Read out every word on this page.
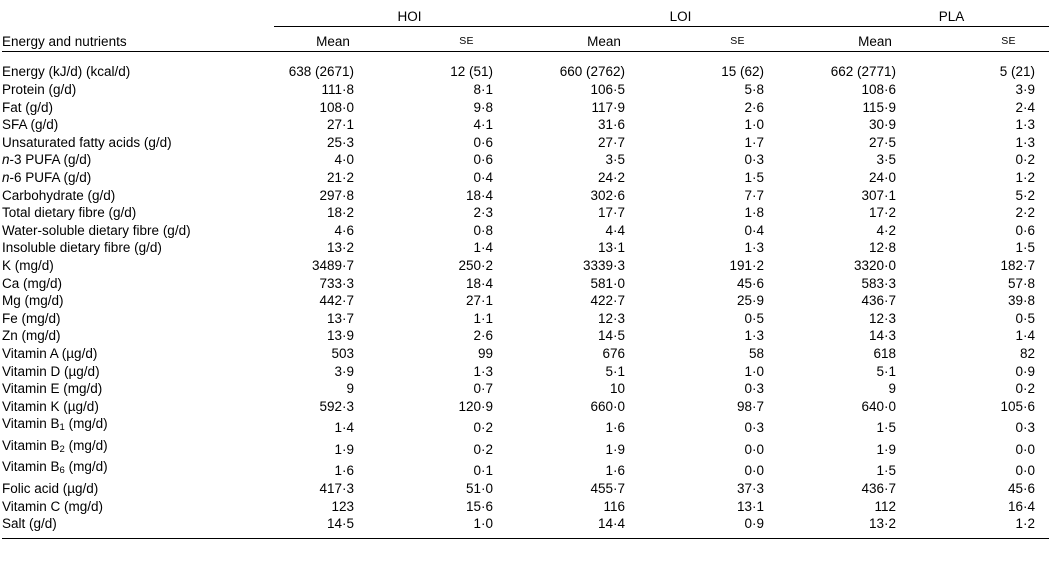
	HOI		LOI		PLA	
Energy and nutrients	Mean	SE	Mean	SE	Mean	SE
Energy (kJ/d) (kcal/d)	638 (2671)	12 (51)	660 (2762)	15 (62)	662 (2771)	5 (21)
Protein (g/d)	111·8	8·1	106·5	5·8	108·6	3·9
Fat (g/d)	108·0	9·8	117·9	2·6	115·9	2·4
SFA (g/d)	27·1	4·1	31·6	1·0	30·9	1·3
Unsaturated fatty acids (g/d)	25·3	0·6	27·7	1·7	27·5	1·3
n-3 PUFA (g/d)	4·0	0·6	3·5	0·3	3·5	0·2
n-6 PUFA (g/d)	21·2	0·4	24·2	1·5	24·0	1·2
Carbohydrate (g/d)	297·8	18·4	302·6	7·7	307·1	5·2
Total dietary fibre (g/d)	18·2	2·3	17·7	1·8	17·2	2·2
Water-soluble dietary fibre (g/d)	4·6	0·8	4·4	0·4	4·2	0·6
Insoluble dietary fibre (g/d)	13·2	1·4	13·1	1·3	12·8	1·5
K (mg/d)	3489·7	250·2	3339·3	191·2	3320·0	182·7
Ca (mg/d)	733·3	18·4	581·0	45·6	583·3	57·8
Mg (mg/d)	442·7	27·1	422·7	25·9	436·7	39·8
Fe (mg/d)	13·7	1·1	12·3	0·5	12·3	0·5
Zn (mg/d)	13·9	2·6	14·5	1·3	14·3	1·4
Vitamin A (µg/d)	503	99	676	58	618	82
Vitamin D (µg/d)	3·9	1·3	5·1	1·0	5·1	0·9
Vitamin E (mg/d)	9	0·7	10	0·3	9	0·2
Vitamin K (µg/d)	592·3	120·9	660·0	98·7	640·0	105·6
Vitamin $B_1$ (mg/d)	1·4	0·2	1·6	0·3	1·5	0·3
Vitamin $B_2$ (mg/d)	1·9	0·2	1·9	0·0	1·9	0·0
Vitamin $B_6$ (mg/d)	1·6	0·1	1·6	0·0	1·5	0·0
Folic acid (µg/d)	417·3	51·0	455·7	37·3	436·7	45·6
Vitamin C (mg/d)	123	15·6	116	13·1	112	16·4
Salt (g/d)	14·5	1·0	14·4	0·9	13·2	1·2
